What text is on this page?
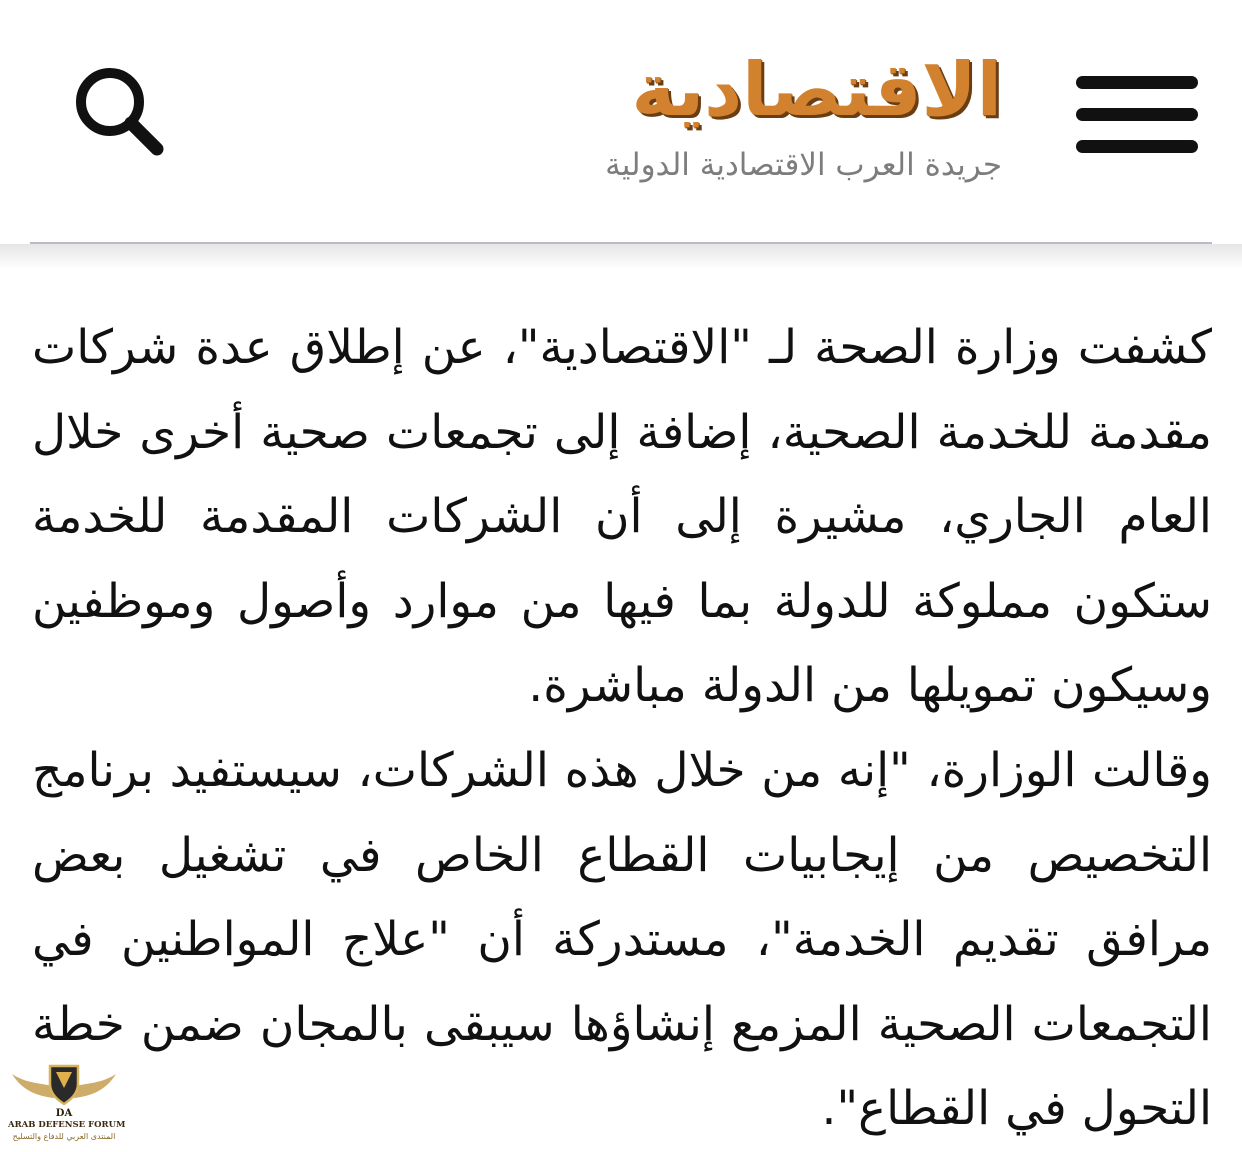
الاقتصادية
جريدة العرب الاقتصادية الدولية

كشفت وزارة الصحة لـ "الاقتصادية"، عن إطلاق عدة شركات مقدمة للخدمة الصحية، إضافة إلى تجمعات صحية أخرى خلال العام الجاري، مشيرة إلى أن الشركات المقدمة للخدمة ستكون مملوكة للدولة بما فيها من موارد وأصول وموظفين وسيكون تمويلها من الدولة مباشرة.

وقالت الوزارة، "إنه من خلال هذه الشركات، سيستفيد برنامج التخصيص من إيجابيات القطاع الخاص في تشغيل بعض مرافق تقديم الخدمة"، مستدركة أن "علاج المواطنين في التجمعات الصحية المزمع إنشاؤها سيبقى بالمجان ضمن خطة التحول في القطاع".

DA
ARAB DEFENSE FORUM
المنتدى العربي للدفاع والتسليح
